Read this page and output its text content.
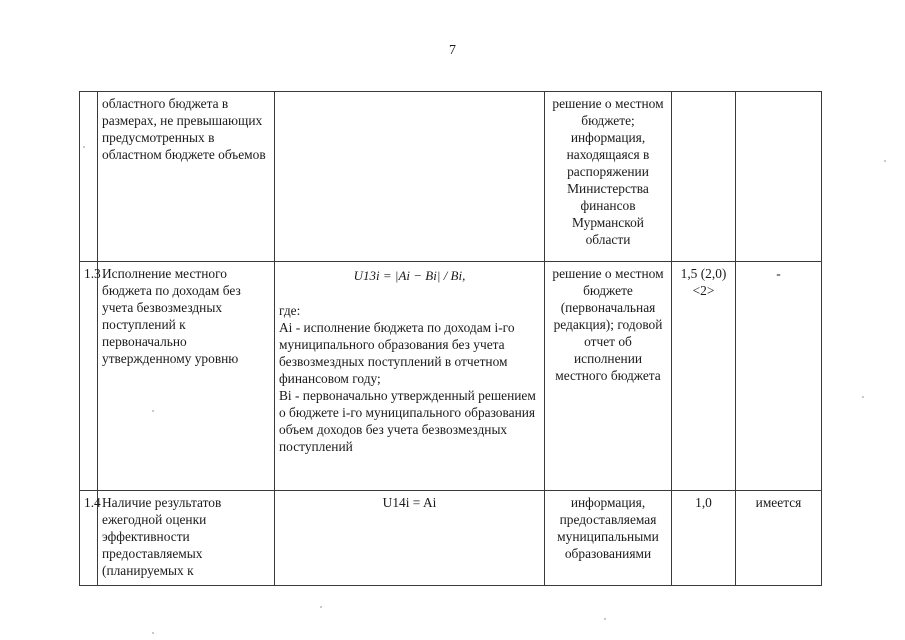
7
	областного бюджета в размерах, не превышающих предусмотренных в областном бюджете объемов		решение о местном бюджете; информация, находящаяся в распоряжении Министерства финансов Мурманской области		
1.3	Исполнение местного бюджета по доходам без учета безвозмездных поступлений к первоначально утвержденному уровню	U13i = |Ai − Bi| / Bi,
где:
Ai - исполнение бюджета по доходам i-го муниципального образования без учета безвозмездных поступлений в отчетном финансовом году;
Bi - первоначально утвержденный решением о бюджете i-го муниципального образования объем доходов без учета безвозмездных поступлений	решение о местном бюджете (первоначальная редакция); годовой отчет об исполнении местного бюджета	1,5 (2,0) <2>	-
1.4	Наличие результатов ежегодной оценки эффективности предоставляемых (планируемых к	U14i = Ai	информация, предоставляемая муниципальными образованиями	1,0	имеется
